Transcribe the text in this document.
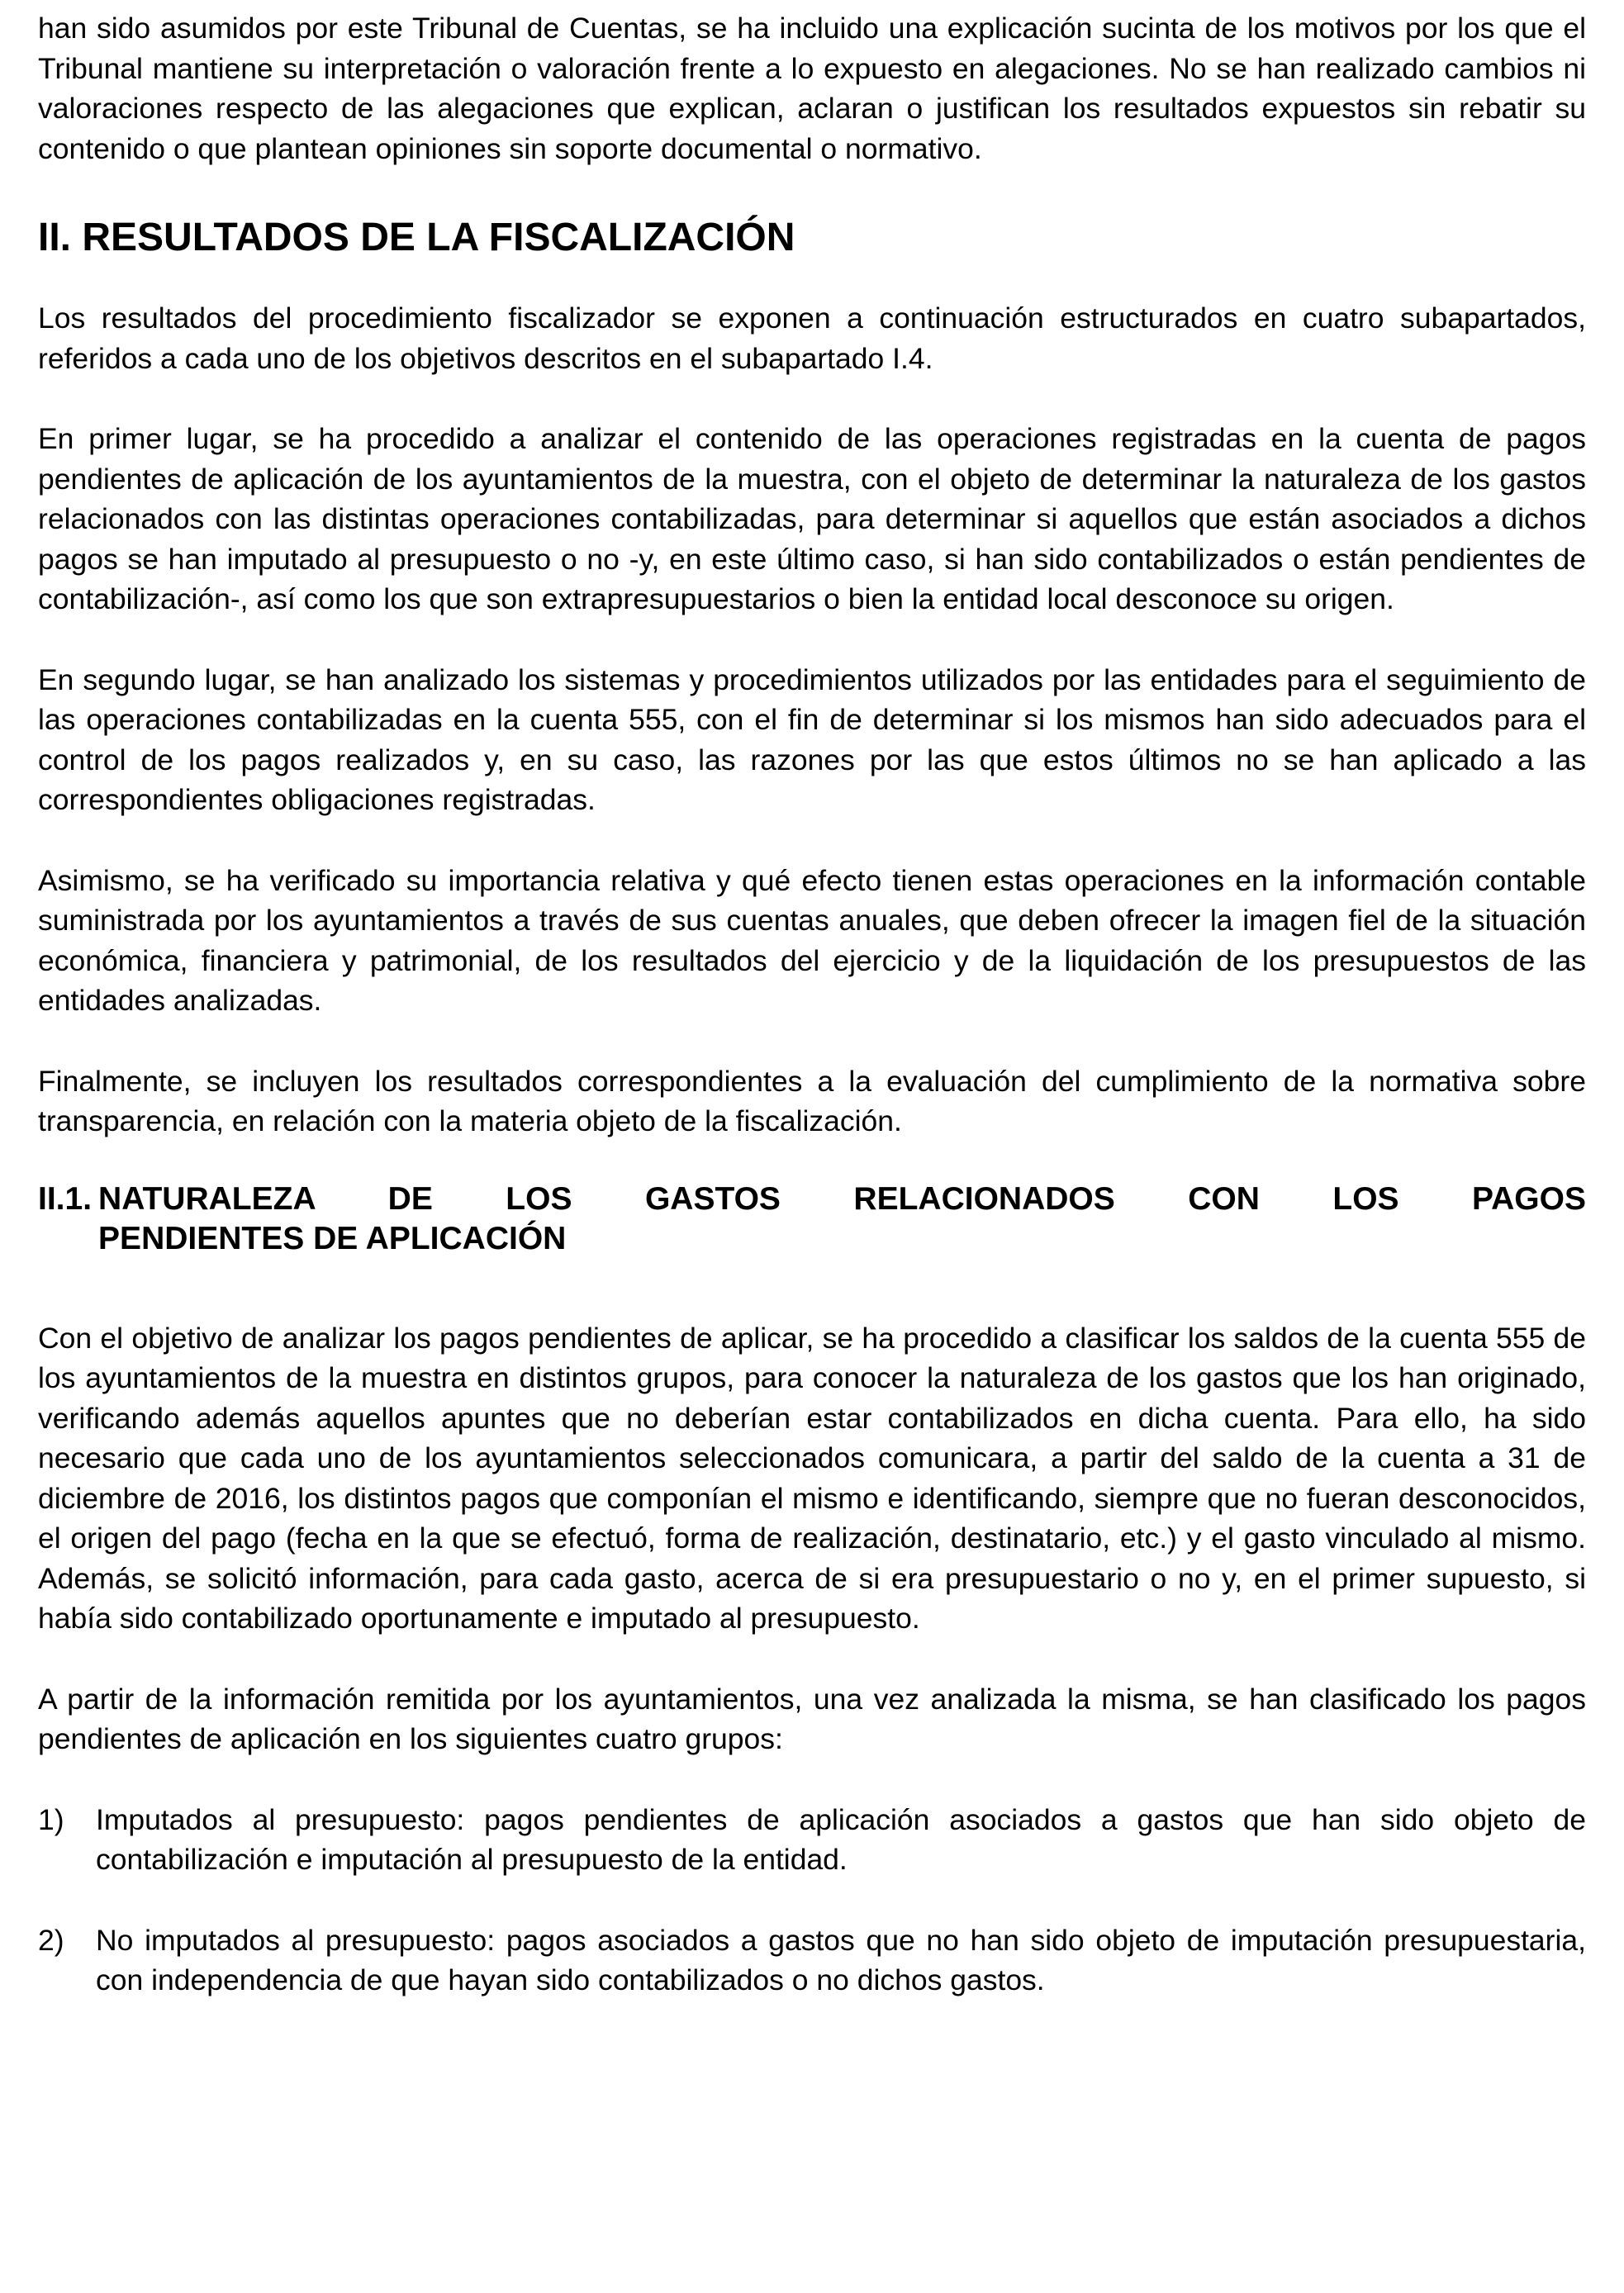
han sido asumidos por este Tribunal de Cuentas, se ha incluido una explicación sucinta de los motivos por los que el Tribunal mantiene su interpretación o valoración frente a lo expuesto en alegaciones. No se han realizado cambios ni valoraciones respecto de las alegaciones que explican, aclaran o justifican los resultados expuestos sin rebatir su contenido o que plantean opiniones sin soporte documental o normativo.

II. RESULTADOS DE LA FISCALIZACIÓN

Los resultados del procedimiento fiscalizador se exponen a continuación estructurados en cuatro subapartados, referidos a cada uno de los objetivos descritos en el subapartado I.4.

En primer lugar, se ha procedido a analizar el contenido de las operaciones registradas en la cuenta de pagos pendientes de aplicación de los ayuntamientos de la muestra, con el objeto de determinar la naturaleza de los gastos relacionados con las distintas operaciones contabilizadas, para determinar si aquellos que están asociados a dichos pagos se han imputado al presupuesto o no -y, en este último caso, si han sido contabilizados o están pendientes de contabilización-, así como los que son extrapresupuestarios o bien la entidad local desconoce su origen.

En segundo lugar, se han analizado los sistemas y procedimientos utilizados por las entidades para el seguimiento de las operaciones contabilizadas en la cuenta 555, con el fin de determinar si los mismos han sido adecuados para el control de los pagos realizados y, en su caso, las razones por las que estos últimos no se han aplicado a las correspondientes obligaciones registradas.

Asimismo, se ha verificado su importancia relativa y qué efecto tienen estas operaciones en la información contable suministrada por los ayuntamientos a través de sus cuentas anuales, que deben ofrecer la imagen fiel de la situación económica, financiera y patrimonial, de los resultados del ejercicio y de la liquidación de los presupuestos de las entidades analizadas.

Finalmente, se incluyen los resultados correspondientes a la evaluación del cumplimiento de la normativa sobre transparencia, en relación con la materia objeto de la fiscalización.

II.1. NATURALEZA DE LOS GASTOS RELACIONADOS CON LOS PAGOS
PENDIENTES DE APLICACIÓN

Con el objetivo de analizar los pagos pendientes de aplicar, se ha procedido a clasificar los saldos de la cuenta 555 de los ayuntamientos de la muestra en distintos grupos, para conocer la naturaleza de los gastos que los han originado, verificando además aquellos apuntes que no deberían estar contabilizados en dicha cuenta. Para ello, ha sido necesario que cada uno de los ayuntamientos seleccionados comunicara, a partir del saldo de la cuenta a 31 de diciembre de 2016, los distintos pagos que componían el mismo e identificando, siempre que no fueran desconocidos, el origen del pago (fecha en la que se efectuó, forma de realización, destinatario, etc.) y el gasto vinculado al mismo. Además, se solicitó información, para cada gasto, acerca de si era presupuestario o no y, en el primer supuesto, si había sido contabilizado oportunamente e imputado al presupuesto.

A partir de la información remitida por los ayuntamientos, una vez analizada la misma, se han clasificado los pagos pendientes de aplicación en los siguientes cuatro grupos:

1)	Imputados al presupuesto: pagos pendientes de aplicación asociados a gastos que han sido objeto de contabilización e imputación al presupuesto de la entidad.

2)	No imputados al presupuesto: pagos asociados a gastos que no han sido objeto de imputación presupuestaria, con independencia de que hayan sido contabilizados o no dichos gastos.
